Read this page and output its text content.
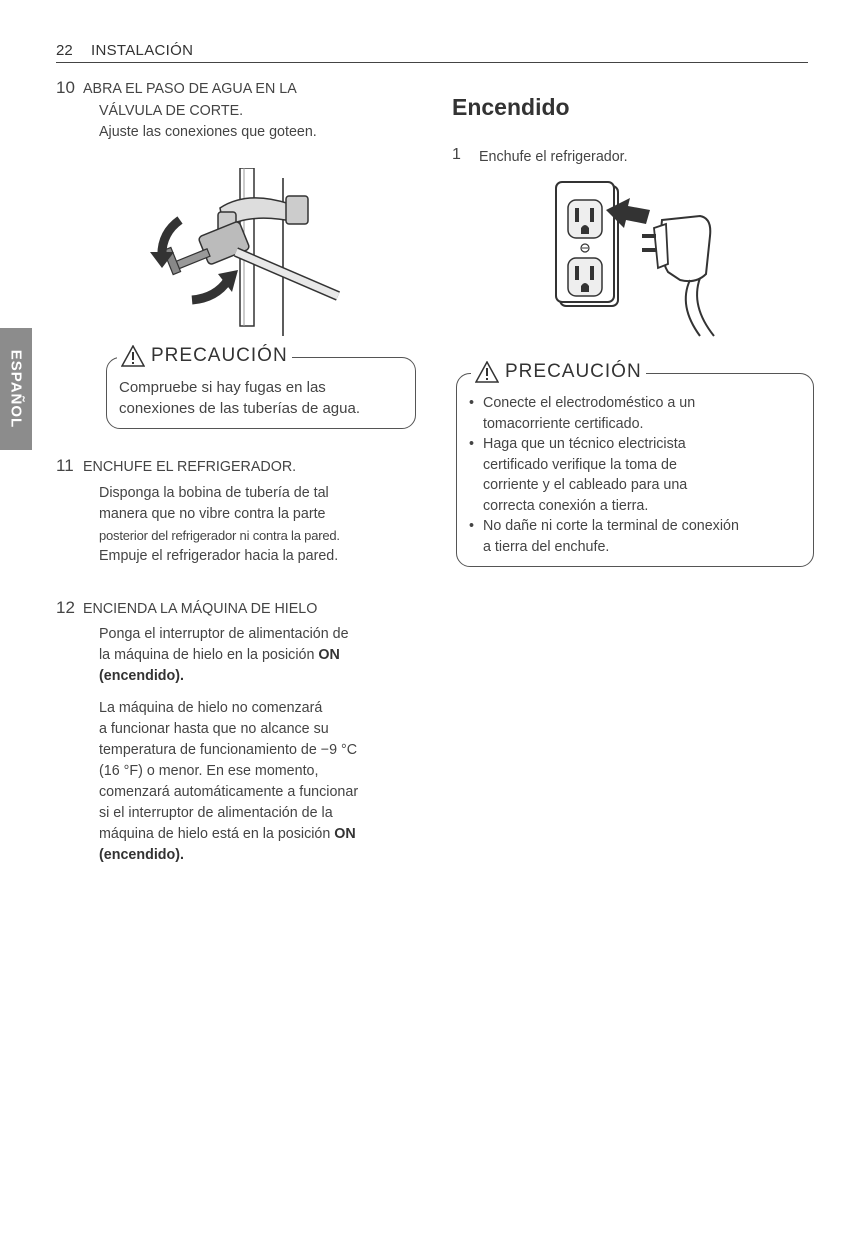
22 INSTALACIÓN
ESPAÑOL
10 ABRA EL PASO DE AGUA EN LA
VÁLVULA DE CORTE.
Ajuste las conexiones que goteen.
PRECAUCIÓN
Compruebe si hay fugas en las
conexiones de las tuberías de agua.
11 ENCHUFE EL REFRIGERADOR.
Disponga la bobina de tubería de tal
manera que no vibre contra la parte
posterior del refrigerador ni contra la pared.
Empuje el refrigerador hacia la pared.
12 ENCIENDA LA MÁQUINA DE HIELO
Ponga el interruptor de alimentación de
la máquina de hielo en la posición ON
(encendido).
La máquina de hielo no comenzará
a funcionar hasta que no alcance su
temperatura de funcionamiento de −9 °C
(16 °F) o menor. En ese momento,
comenzará automáticamente a funcionar
si el interruptor de alimentación de la
máquina de hielo está en la posición ON
(encendido).
Encendido
1 Enchufe el refrigerador.
PRECAUCIÓN
• Conecte el electrodoméstico a un
tomacorriente certificado.
• Haga que un técnico electricista
certificado verifique la toma de
corriente y el cableado para una
correcta conexión a tierra.
• No dañe ni corte la terminal de conexión
a tierra del enchufe.
